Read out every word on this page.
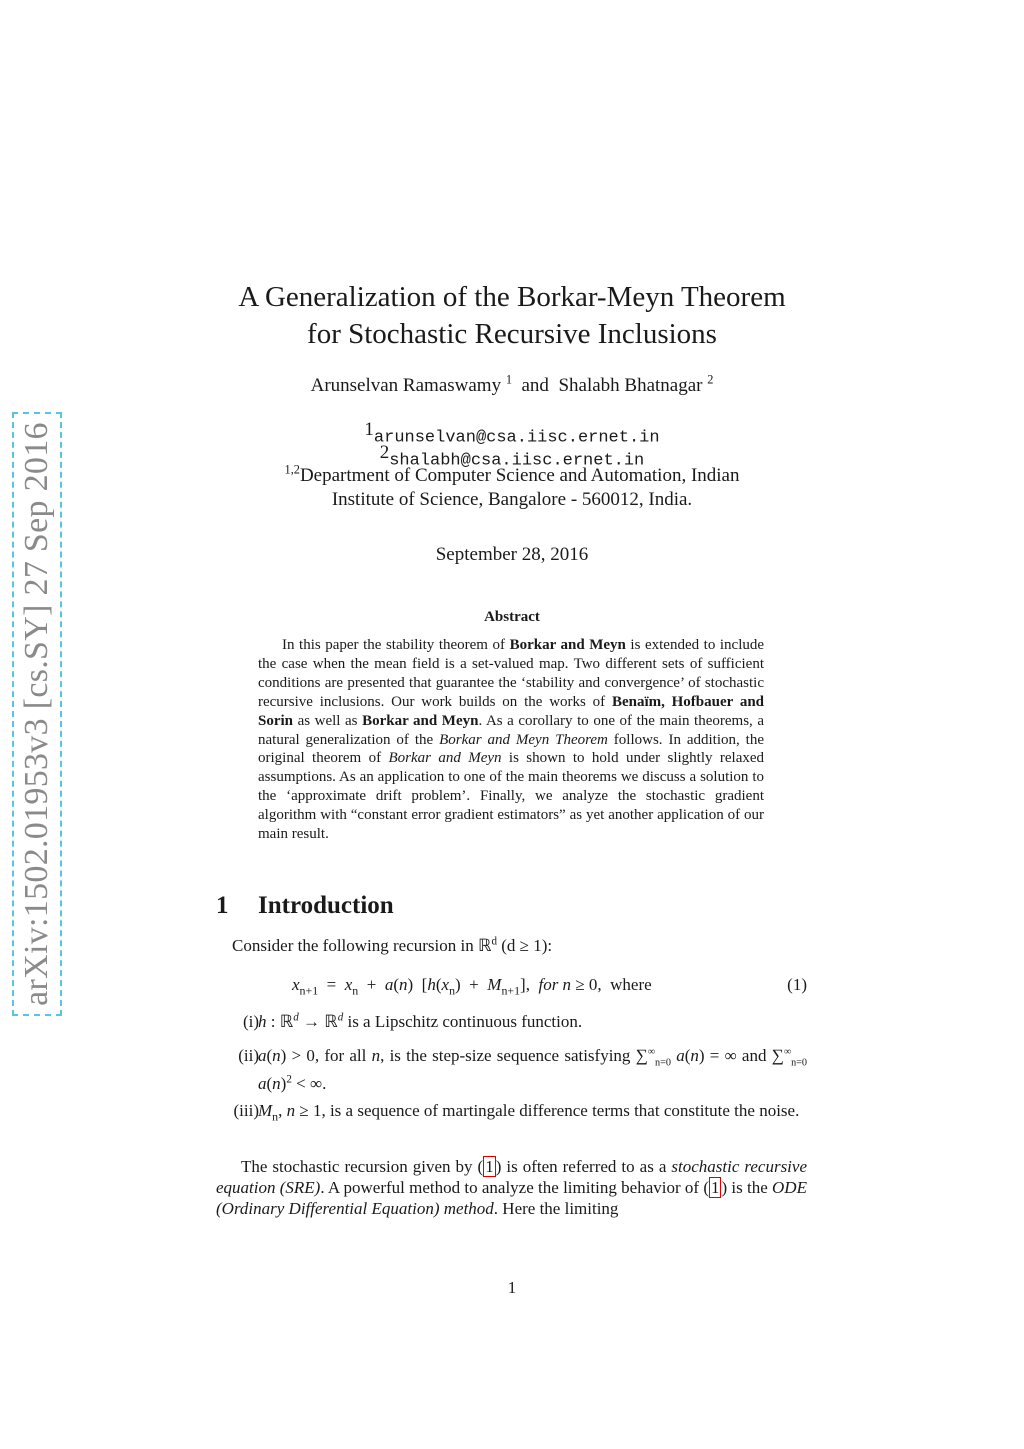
arXiv:1502.01953v3 [cs.SY] 27 Sep 2016
A Generalization of the Borkar-Meyn Theorem
for Stochastic Recursive Inclusions
Arunselvan Ramaswamy $^1$ and Shalabh Bhatnagar $^2$
$^1$arunselvan@csa.iisc.ernet.in
$^2$shalabh@csa.iisc.ernet.in
$^{1,2}$Department of Computer Science and Automation, Indian
Institute of Science, Bangalore - 560012, India.
September 28, 2016
Abstract

In this paper the stability theorem of Borkar and Meyn is extended to include the case when the mean field is a set-valued map. Two different sets of sufficient conditions are presented that guarantee the ‘stability and convergence’ of stochastic recursive inclusions. Our work builds on the works of Benaïm, Hofbauer and Sorin as well as Borkar and Meyn. As a corollary to one of the main theorems, a natural generalization of the Borkar and Meyn Theorem follows. In addition, the original theorem of Borkar and Meyn is shown to hold under slightly relaxed assumptions. As an application to one of the main theorems we discuss a solution to the ‘approximate drift problem’. Finally, we analyze the stochastic gradient algorithm with “constant error gradient estimators” as yet another application of our main result.

1 Introduction
Consider the following recursion in ℝ$^d$ (d ≥ 1):
$x_{n+1} = x_n + a(n) [h(x_n) + M_{n+1}]$,  for n ≥ 0,  where	(1)
(i) h : ℝ$^d$ → ℝ$^d$ is a Lipschitz continuous function.
(ii) a(n) > 0, for all n, is the step-size sequence satisfying $\sum^\infty_{n=0}$ a(n) = ∞ and $\sum^\infty_{n=0}$ $a(n)^2$ < ∞.
(iii) $M_n$, n ≥ 1, is a sequence of martingale difference terms that constitute the noise.
The stochastic recursion given by ( 1 ) is often referred to as a stochastic recursive equation (SRE). A powerful method to analyze the limiting behavior of ( 1 ) is the ODE (Ordinary Differential Equation) method. Here the limiting
1
